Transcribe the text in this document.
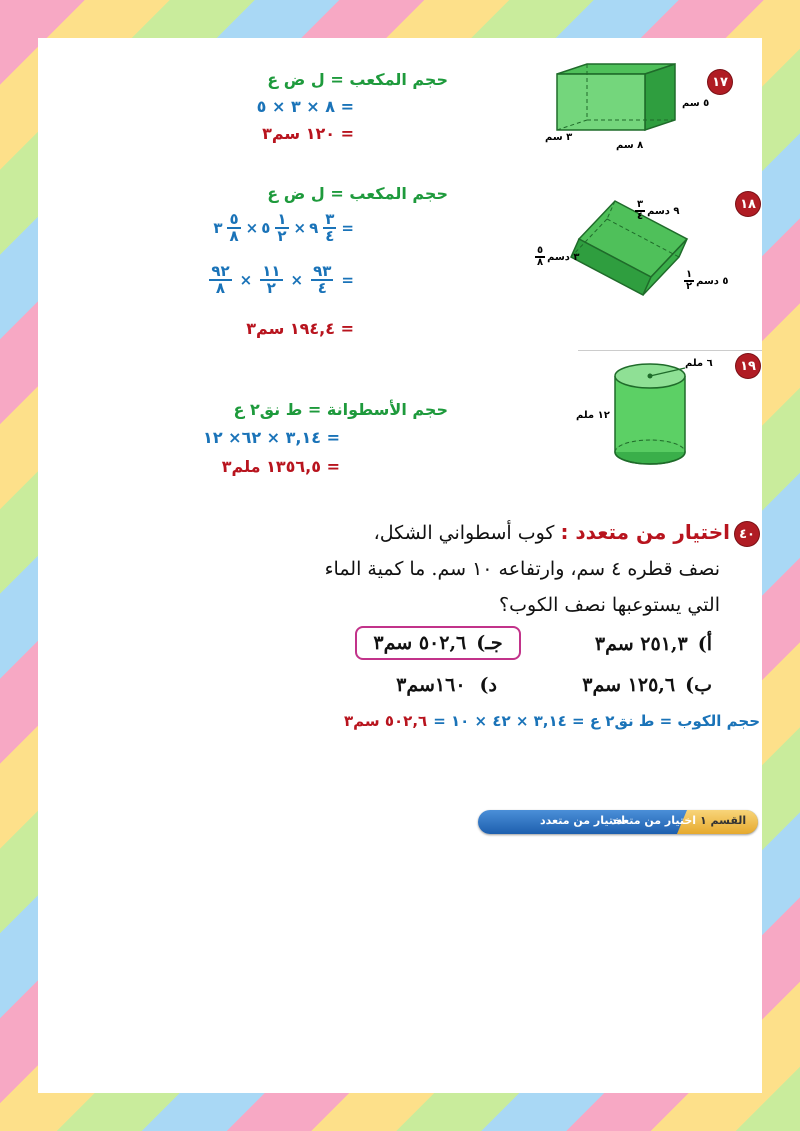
١٧
٥ سم
٣ سم
٨ سم
حجم المكعب = ل ض ع
= ٨ × ٣ × ٥
= ١٢٠ سم٣
١٨
$\frac{٣}{٤}$ ٩ دسم
$\frac{٥}{٨}$ ٣ دسم
$\frac{١}{٢}$ ٥ دسم
حجم المكعب = ل ض ع
=
$\frac{٣}{٤}$
٩
×
$\frac{١}{٢}$
٥
×
$\frac{٥}{٨}$
٣
=
$\frac{٩٣}{٤}$
×
$\frac{١١}{٢}$
×
$\frac{٩٢}{٨}$
= ١٩٤,٤ سم٣
١٩
٦ ملم
١٢ ملم
حجم الأسطوانة = ط نق٢ ع
= ٣,١٤ × ٦٢× ١٢
= ١٣٥٦,٥ ملم٣
٤٠
اختيار من متعدد :
كوب أسطواني الشكل،
نصف قطره ٤ سم، وارتفاعه ١٠ سم. ما كمية الماء
التي يستوعبها نصف الكوب؟
أ)
٢٥١,٣ سم٣
جـ)
٥٠٢,٦ سم٣
ب)
١٢٥,٦ سم٣
د)
١٦٠سم٣
حجم الكوب = ط نق٢ ع = ٣,١٤ × ٤٢ × ١٠ =
٥٠٢,٦ سم٣
القسم ١
اختيار من متعدد
اختيار من متعدد
